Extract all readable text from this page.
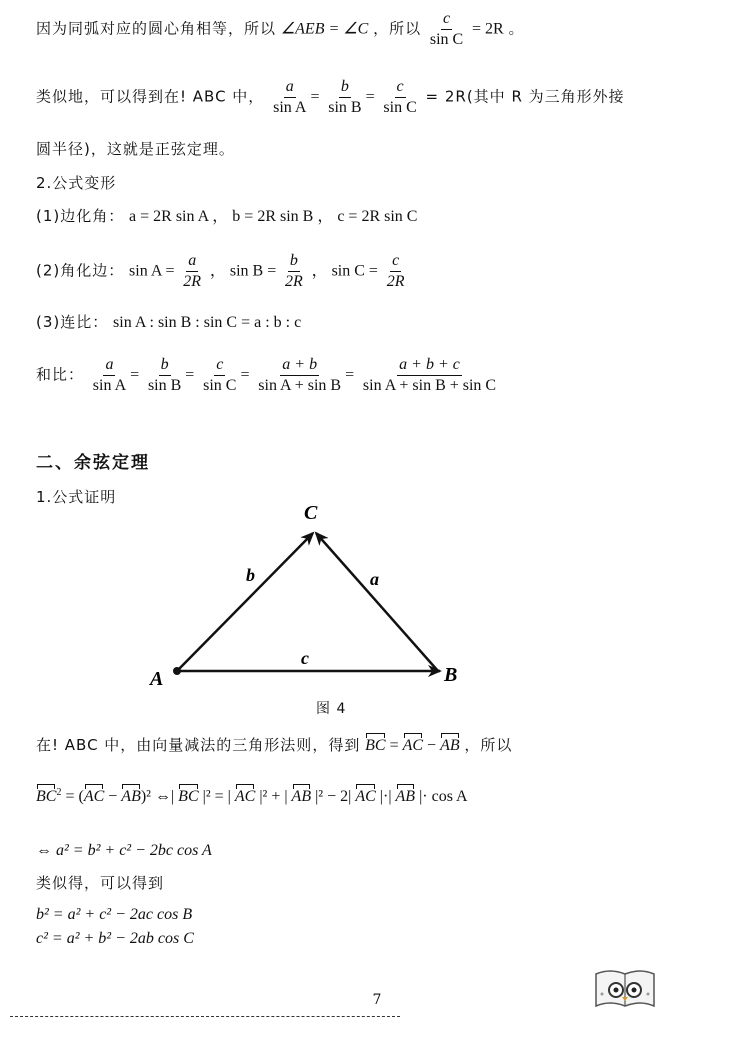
因为同弧对应的圆心角相等，所以 ∠AEB = ∠C ，所以 $\frac{c}{\text{sin C}} = 2R$ 。
类似地，可以得到在! ABC 中， $\frac{a}{\text{sin A}} = \frac{b}{\text{sin B}} = \frac{c}{\text{sin C}} = 2R$(其中 R 为三角形外接
圆半径)，这就是正弦定理。
2.公式变形
(1)边化角： a = 2R sin A ， b = 2R sin B ， c = 2R sin C
(2)角化边： $\sin A = \frac{a}{2R}$ ， $\sin B = \frac{b}{2R}$ ， $\sin C = \frac{c}{2R}$
(3)连比： sin A : sin B : sin C = a : b : c
和比： $\frac{a}{\text{sin A}} = \frac{b}{\text{sin B}} = \frac{c}{\text{sin C}} = \frac{a + b}{\text{sin A + sin B}} = \frac{a + b + c}{\text{sin A + sin B + sin C}}$
二、余弦定理
1.公式证明
C
A	B
b	a
c
图 4
在! ABC 中，由向量减法的三角形法则，得到 BC = AC − AB ，所以
$BC^2 = (AC - AB)^2$ ⇔| BC |² = | AC |² + | AB |² − 2| AC |·| AB |· cos A
⇔ a² = b² + c² − 2bc cos A
类似得，可以得到
b² = a² + c² − 2ac cos B
c² = a² + b² − 2ab cos C
7
